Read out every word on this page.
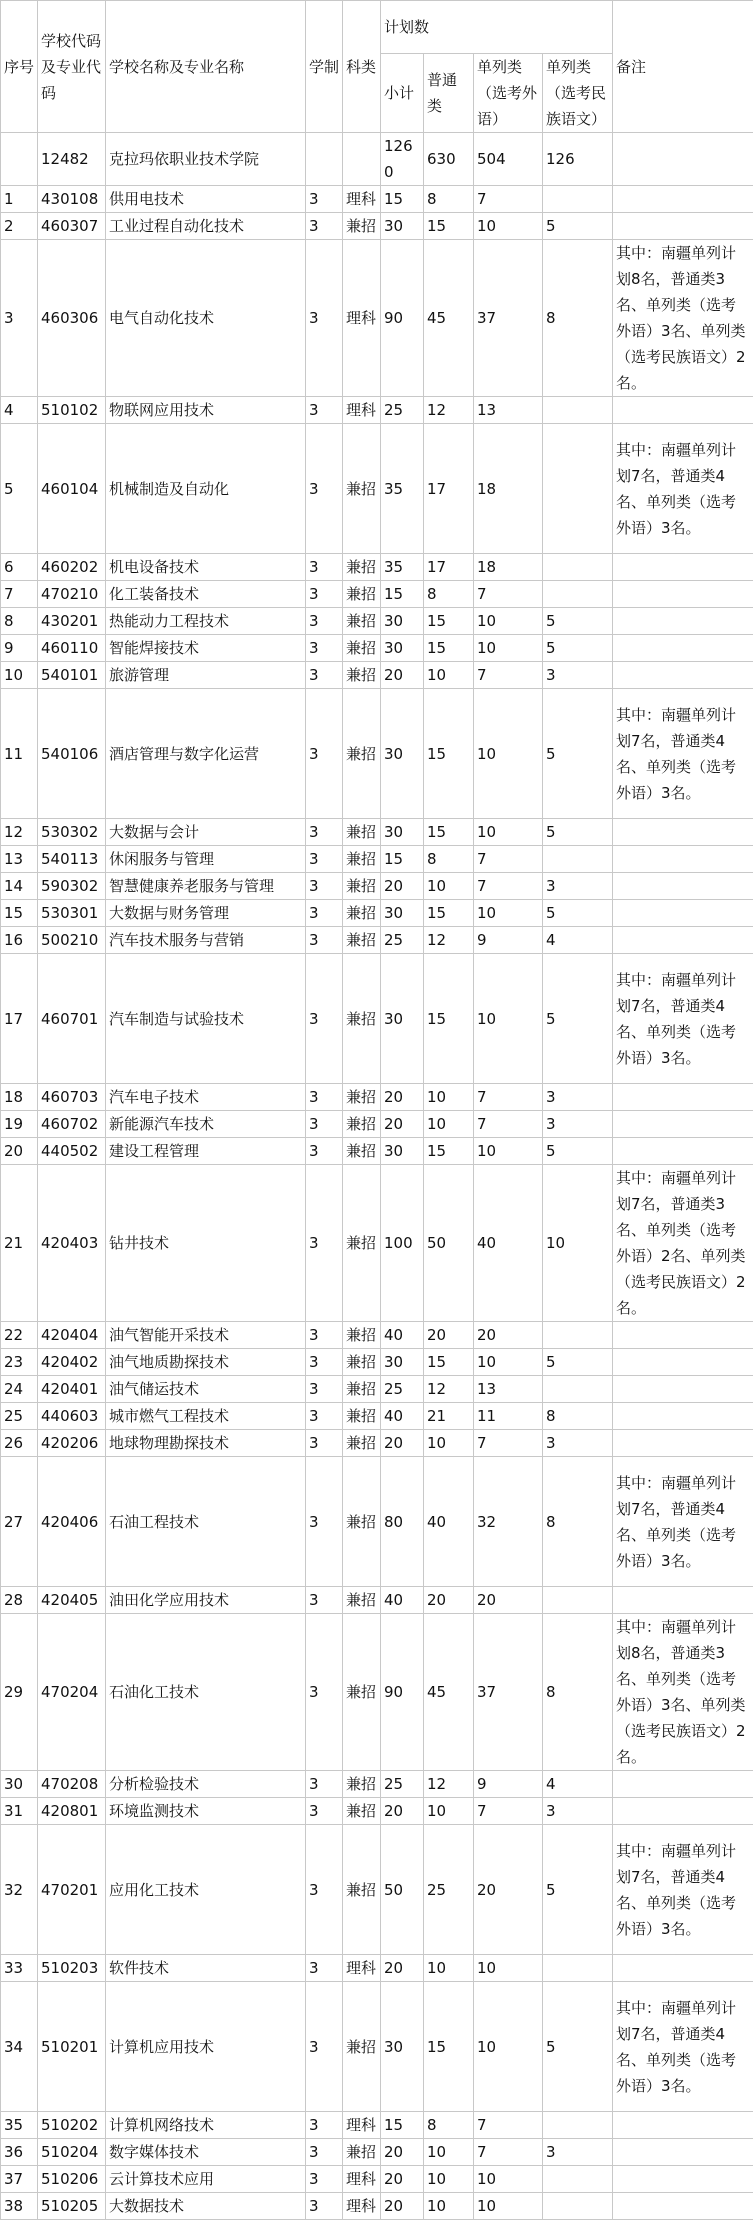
序号	学校代码及专业代码	学校名称及专业名称	学制	科类	计划数				备注
					小计	普通类	单列类（选考外语）	单列类（选考民族语文）	
	12482	克拉玛依职业技术学院			1260	630	504	126	
1	430108	供用电技术	3	理科	15	8	7		
2	460307	工业过程自动化技术	3	兼招	30	15	10	5	
3	460306	电气自动化技术	3	理科	90	45	37	8	其中：南疆单列计划8名，普通类3名、单列类（选考外语）3名、单列类（选考民族语文）2名。
4	510102	物联网应用技术	3	理科	25	12	13		
5	460104	机械制造及自动化	3	兼招	35	17	18		其中：南疆单列计划7名，普通类4名、单列类（选考外语）3名。
6	460202	机电设备技术	3	兼招	35	17	18		
7	470210	化工装备技术	3	兼招	15	8	7		
8	430201	热能动力工程技术	3	兼招	30	15	10	5	
9	460110	智能焊接技术	3	兼招	30	15	10	5	
10	540101	旅游管理	3	兼招	20	10	7	3	
11	540106	酒店管理与数字化运营	3	兼招	30	15	10	5	其中：南疆单列计划7名，普通类4名、单列类（选考外语）3名。
12	530302	大数据与会计	3	兼招	30	15	10	5	
13	540113	休闲服务与管理	3	兼招	15	8	7		
14	590302	智慧健康养老服务与管理	3	兼招	20	10	7	3	
15	530301	大数据与财务管理	3	兼招	30	15	10	5	
16	500210	汽车技术服务与营销	3	兼招	25	12	9	4	
17	460701	汽车制造与试验技术	3	兼招	30	15	10	5	其中：南疆单列计划7名，普通类4名、单列类（选考外语）3名。
18	460703	汽车电子技术	3	兼招	20	10	7	3	
19	460702	新能源汽车技术	3	兼招	20	10	7	3	
20	440502	建设工程管理	3	兼招	30	15	10	5	
21	420403	钻井技术	3	兼招	100	50	40	10	其中：南疆单列计划7名，普通类3名、单列类（选考外语）2名、单列类（选考民族语文）2名。
22	420404	油气智能开采技术	3	兼招	40	20	20		
23	420402	油气地质勘探技术	3	兼招	30	15	10	5	
24	420401	油气储运技术	3	兼招	25	12	13		
25	440603	城市燃气工程技术	3	兼招	40	21	11	8	
26	420206	地球物理勘探技术	3	兼招	20	10	7	3	
27	420406	石油工程技术	3	兼招	80	40	32	8	其中：南疆单列计划7名，普通类4名、单列类（选考外语）3名。
28	420405	油田化学应用技术	3	兼招	40	20	20		
29	470204	石油化工技术	3	兼招	90	45	37	8	其中：南疆单列计划8名，普通类3名、单列类（选考外语）3名、单列类（选考民族语文）2名。
30	470208	分析检验技术	3	兼招	25	12	9	4	
31	420801	环境监测技术	3	兼招	20	10	7	3	
32	470201	应用化工技术	3	兼招	50	25	20	5	其中：南疆单列计划7名，普通类4名、单列类（选考外语）3名。
33	510203	软件技术	3	理科	20	10	10		
34	510201	计算机应用技术	3	兼招	30	15	10	5	其中：南疆单列计划7名，普通类4名、单列类（选考外语）3名。
35	510202	计算机网络技术	3	理科	15	8	7		
36	510204	数字媒体技术	3	兼招	20	10	7	3	
37	510206	云计算技术应用	3	理科	20	10	10		
38	510205	大数据技术	3	理科	20	10	10		
